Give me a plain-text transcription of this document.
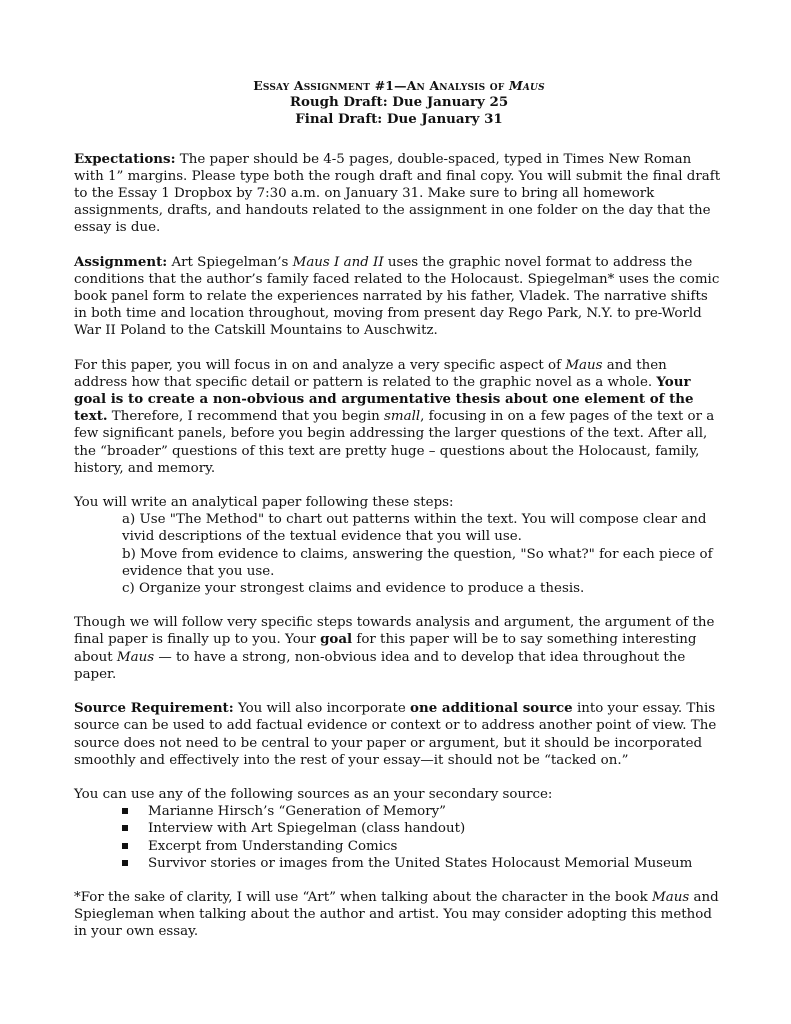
Essay Assignment #1—An Analysis of Maus
Rough Draft: Due January 25
Final Draft: Due January 31

Expectations: The paper should be 4-5 pages, double-spaced, typed in Times New Roman with 1” margins. Please type both the rough draft and final copy. You will submit the final draft to the Essay 1 Dropbox by 7:30 a.m. on January 31. Make sure to bring all homework assignments, drafts, and handouts related to the assignment in one folder on the day that the essay is due.

Assignment: Art Spiegelman’s Maus I and II uses the graphic novel format to address the conditions that the author’s family faced related to the Holocaust. Spiegelman* uses the comic book panel form to relate the experiences narrated by his father, Vladek. The narrative shifts in both time and location throughout, moving from present day Rego Park, N.Y. to pre-World War II Poland to the Catskill Mountains to Auschwitz.

For this paper, you will focus in on and analyze a very specific aspect of Maus and then address how that specific detail or pattern is related to the graphic novel as a whole. Your goal is to create a non-obvious and argumentative thesis about one element of the text. Therefore, I recommend that you begin small, focusing in on a few pages of the text or a few significant panels, before you begin addressing the larger questions of the text. After all, the “broader” questions of this text are pretty huge – questions about the Holocaust, family, history, and memory.

You will write an analytical paper following these steps:

a) Use "The Method" to chart out patterns within the text. You will compose clear and vivid descriptions of the textual evidence that you will use.
b) Move from evidence to claims, answering the question, "So what?" for each piece of evidence that you use.
c) Organize your strongest claims and evidence to produce a thesis.

Though we will follow very specific steps towards analysis and argument, the argument of the final paper is finally up to you. Your goal for this paper will be to say something interesting about Maus — to have a strong, non-obvious idea and to develop that idea throughout the paper.

Source Requirement: You will also incorporate one additional source into your essay. This source can be used to add factual evidence or context or to address another point of view. The source does not need to be central to your paper or argument, but it should be incorporated smoothly and effectively into the rest of your essay—it should not be “tacked on.”

You can use any of the following sources as an your secondary source:

Marianne Hirsch’s “Generation of Memory”
Interview with Art Spiegelman (class handout)
Excerpt from Understanding Comics
Survivor stories or images from the United States Holocaust Memorial Museum

*For the sake of clarity, I will use “Art” when talking about the character in the book Maus and Spiegleman when talking about the author and artist. You may consider adopting this method in your own essay.
